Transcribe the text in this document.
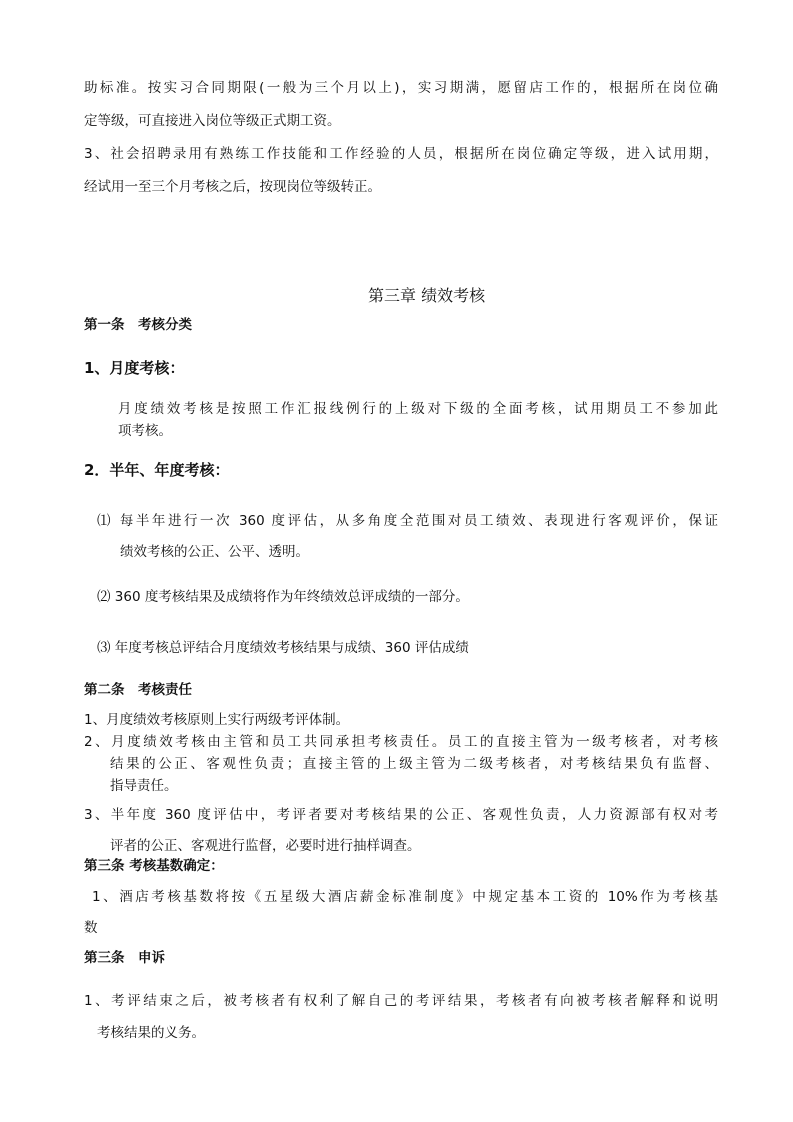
助标准。按实习合同期限(一般为三个月以上)，实习期满，愿留店工作的，根据所在岗位确
定等级，可直接进入岗位等级正式期工资。
3、社会招聘录用有熟练工作技能和工作经验的人员，根据所在岗位确定等级，进入试用期，
经试用一至三个月考核之后，按现岗位等级转正。
第三章 绩效考核
第一条　考核分类
1、月度考核：
月度绩效考核是按照工作汇报线例行的上级对下级的全面考核，试用期员工不参加此
项考核。
2．半年、年度考核：
⑴ 每半年进行一次 360 度评估，从多角度全范围对员工绩效、表现进行客观评价，保证
绩效考核的公正、公平、透明。
⑵ 360 度考核结果及成绩将作为年终绩效总评成绩的一部分。
⑶ 年度考核总评结合月度绩效考核结果与成绩、360 评估成绩
第二条　考核责任
1、月度绩效考核原则上实行两级考评体制。
2、月度绩效考核由主管和员工共同承担考核责任。员工的直接主管为一级考核者，对考核
结果的公正、客观性负责；直接主管的上级主管为二级考核者，对考核结果负有监督、
指导责任。
3、半年度 360 度评估中，考评者要对考核结果的公正、客观性负责，人力资源部有权对考
评者的公正、客观进行监督，必要时进行抽样调查。
第三条 考核基数确定：
1、酒店考核基数将按《五星级大酒店薪金标准制度》中规定基本工资的 10%作为考核基
数
第三条　申诉
1、考评结束之后，被考核者有权利了解自己的考评结果，考核者有向被考核者解释和说明
考核结果的义务。
